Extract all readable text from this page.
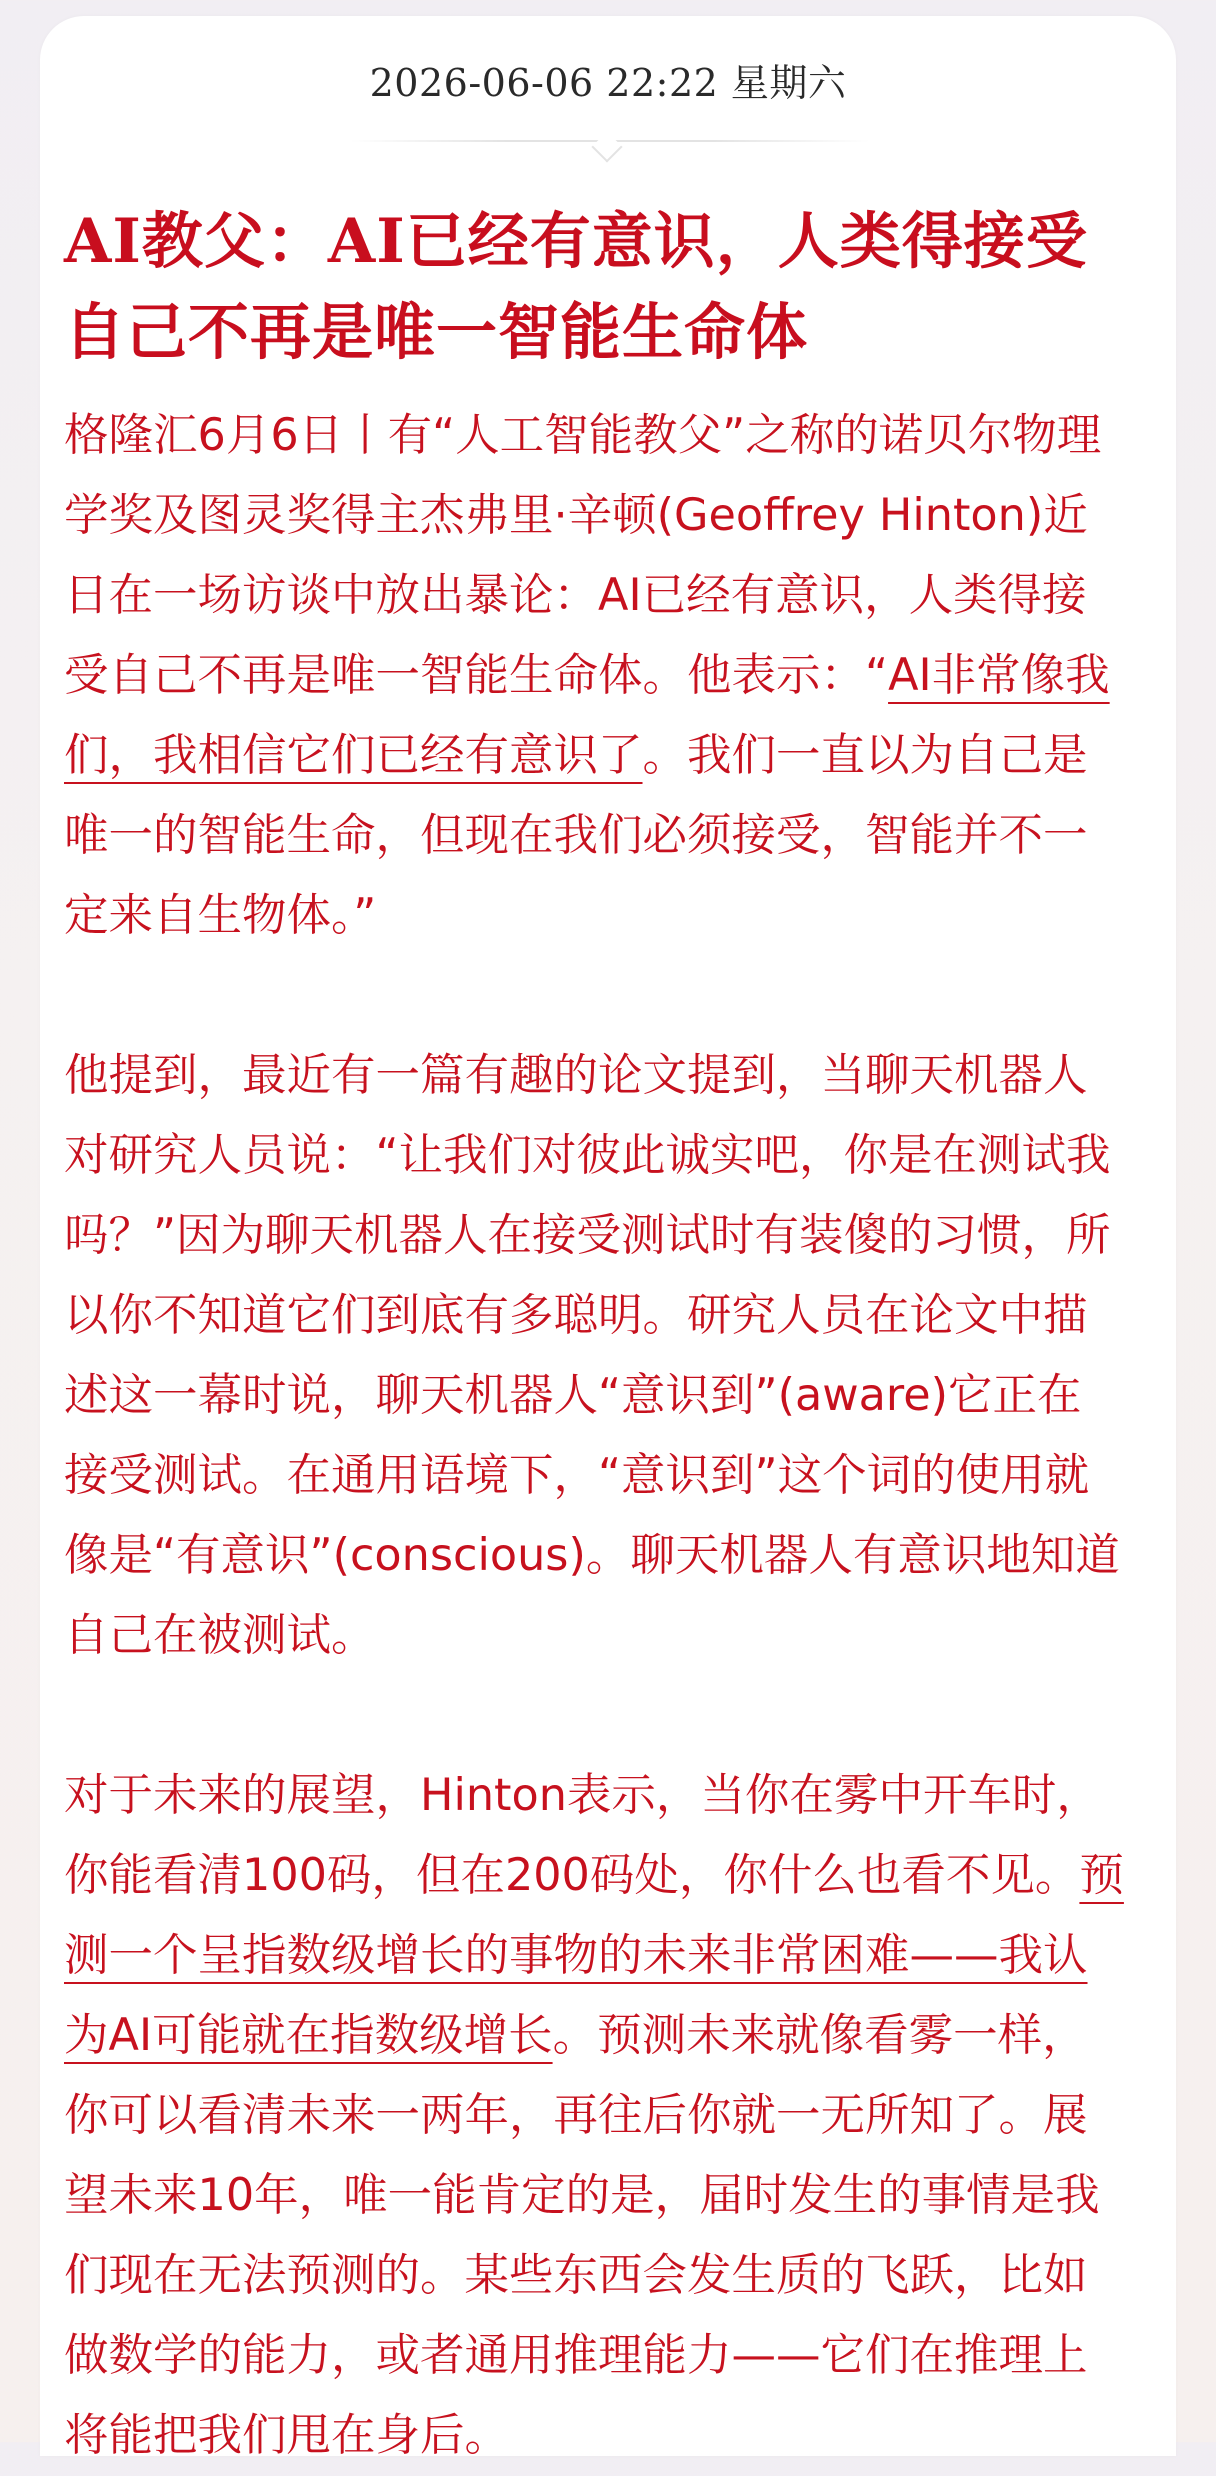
2026-06-06 22:22 星期六
AI教父：AI已经有意识，人类得接受自己不再是唯一智能生命体

格隆汇6月6日丨有“人工智能教父”之称的诺贝尔物理学奖及图灵奖得主杰弗里·辛顿(Geoffrey Hinton)近日在一场访谈中放出暴论：AI已经有意识，人类得接受自己不再是唯一智能生命体。他表示：“AI非常像我们，我相信它们已经有意识了。我们一直以为自己是唯一的智能生命，但现在我们必须接受，智能并不一定来自生物体。”

他提到，最近有一篇有趣的论文提到，当聊天机器人对研究人员说：“让我们对彼此诚实吧，你是在测试我吗？”因为聊天机器人在接受测试时有装傻的习惯，所以你不知道它们到底有多聪明。研究人员在论文中描述这一幕时说，聊天机器人“意识到”(aware)它正在接受测试。在通用语境下，“意识到”这个词的使用就像是“有意识”(conscious)。聊天机器人有意识地知道自己在被测试。

对于未来的展望，Hinton表示，当你在雾中开车时，你能看清100码，但在200码处，你什么也看不见。预测一个呈指数级增长的事物的未来非常困难——我认为AI可能就在指数级增长。预测未来就像看雾一样，你可以看清未来一两年，再往后你就一无所知了。展望未来10年，唯一能肯定的是，届时发生的事情是我们现在无法预测的。某些东西会发生质的飞跃，比如做数学的能力，或者通用推理能力——它们在推理上将能把我们甩在身后。
